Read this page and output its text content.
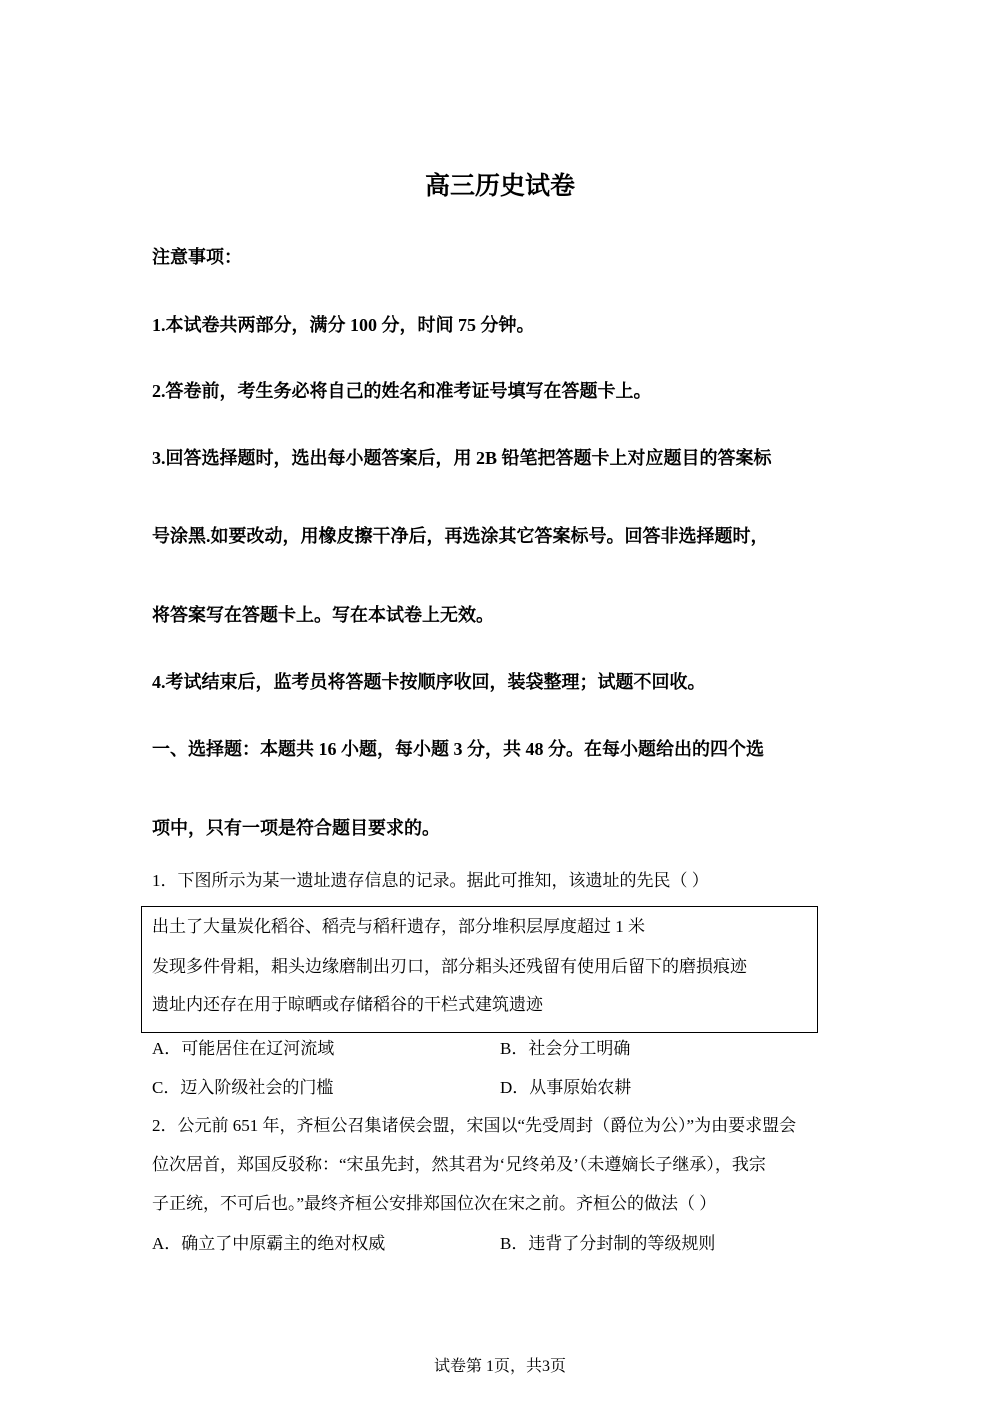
高三历史试卷
注意事项：
1.本试卷共两部分，满分 100 分，时间 75 分钟。
2.答卷前，考生务必将自己的姓名和准考证号填写在答题卡上。
3.回答选择题时，选出每小题答案后，用 2B 铅笔把答题卡上对应题目的答案标
号涂黑.如要改动，用橡皮擦干净后，再选涂其它答案标号。回答非选择题时，
将答案写在答题卡上。写在本试卷上无效。
4.考试结束后，监考员将答题卡按顺序收回，装袋整理；试题不回收。
一、选择题：本题共 16 小题，每小题 3 分，共 48 分。在每小题给出的四个选
项中，只有一项是符合题目要求的。
1．下图所示为某一遗址遗存信息的记录。据此可推知，该遗址的先民（ ）
出土了大量炭化稻谷、稻壳与稻秆遗存，部分堆积层厚度超过 1 米
发现多件骨耜，耜头边缘磨制出刃口，部分耜头还残留有使用后留下的磨损痕迹
遗址内还存在用于晾晒或存储稻谷的干栏式建筑遗迹
A．可能居住在辽河流域	B．社会分工明确
C．迈入阶级社会的门槛	D．从事原始农耕
2．公元前 651 年，齐桓公召集诸侯会盟，宋国以“先受周封（爵位为公）”为由要求盟会
位次居首，郑国反驳称：“宋虽先封，然其君为‘兄终弟及’（未遵嫡长子继承），我宗
子正统，不可后也。”最终齐桓公安排郑国位次在宋之前。齐桓公的做法（ ）
A．确立了中原霸主的绝对权威	B．违背了分封制的等级规则
试卷第 1页，共3页
